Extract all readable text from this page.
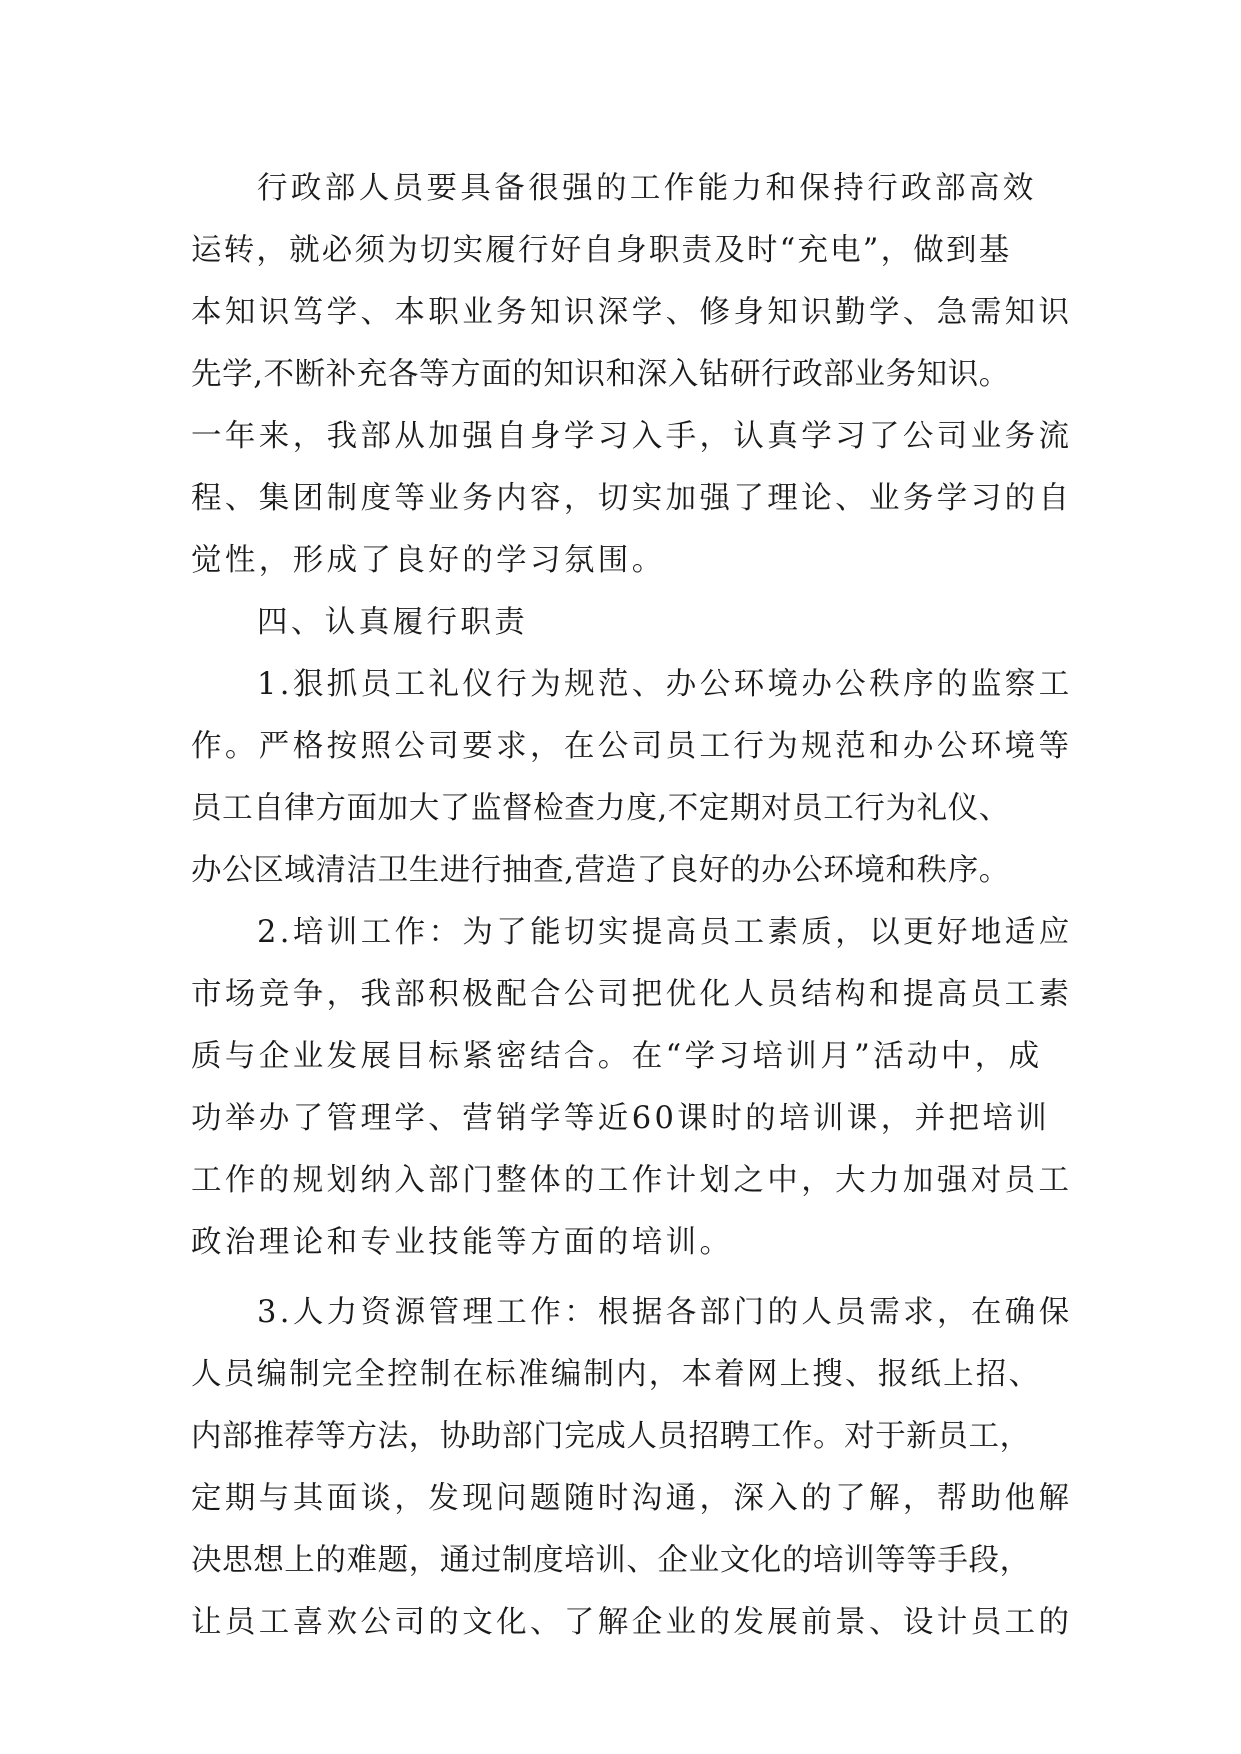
行政部人员要具备很强的工作能力和保持行政部高效
运转，就必须为切实履行好自身职责及时“充电”，做到基
本知识笃学、本职业务知识深学、修身知识勤学、急需知识
先学,不断补充各等方面的知识和深入钻研行政部业务知识。
一年来，我部从加强自身学习入手，认真学习了公司业务流
程、集团制度等业务内容，切实加强了理论、业务学习的自
觉性，形成了良好的学习氛围。
四、认真履行职责
1.狠抓员工礼仪行为规范、办公环境办公秩序的监察工
作。严格按照公司要求，在公司员工行为规范和办公环境等
员工自律方面加大了监督检查力度,不定期对员工行为礼仪、
办公区域清洁卫生进行抽查,营造了良好的办公环境和秩序。
2.培训工作：为了能切实提高员工素质，以更好地适应
市场竞争，我部积极配合公司把优化人员结构和提高员工素
质与企业发展目标紧密结合。在“学习培训月”活动中，成
功举办了管理学、营销学等近60课时的培训课，并把培训
工作的规划纳入部门整体的工作计划之中，大力加强对员工
政治理论和专业技能等方面的培训。
3.人力资源管理工作：根据各部门的人员需求，在确保
人员编制完全控制在标准编制内，本着网上搜、报纸上招、
内部推荐等方法，协助部门完成人员招聘工作。对于新员工，
定期与其面谈，发现问题随时沟通，深入的了解，帮助他解
决思想上的难题，通过制度培训、企业文化的培训等等手段，
让员工喜欢公司的文化、了解企业的发展前景、设计员工的
